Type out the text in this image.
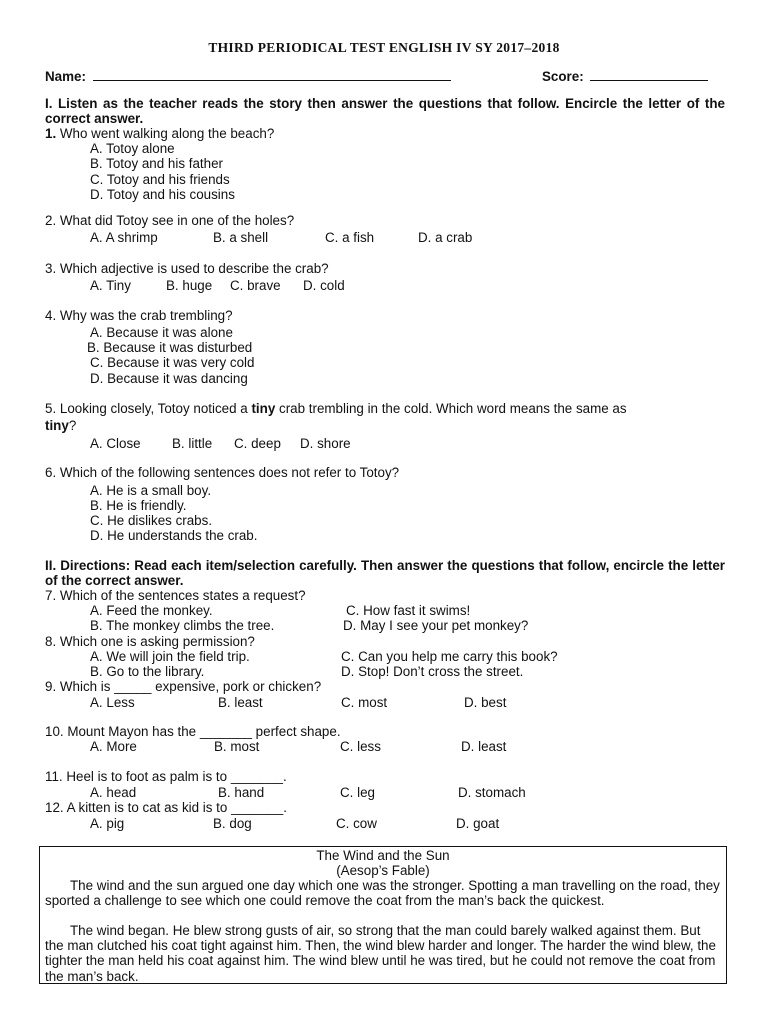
THIRD PERIODICAL TEST ENGLISH IV SY 2017–2018
Name:	Score:
I. Listen as the teacher reads the story then answer the questions that follow. Encircle the letter of the correct answer.
1. Who went walking along the beach?
A. Totoy alone
B. Totoy and his father
C. Totoy and his friends
D. Totoy and his cousins
2. What did Totoy see in one of the holes?
A. A shrimp	B. a shell	C. a fish	D. a crab
3. Which adjective is used to describe the crab?
A. Tiny	B. huge C. brave D. cold
4. Why was the crab trembling?
A. Because it was alone
B. Because it was disturbed
C. Because it was very cold
D. Because it was dancing
5. Looking closely, Totoy noticed a tiny crab trembling in the cold. Which word means the same as
tiny?
A. Close B. little C. deep D. shore
6. Which of the following sentences does not refer to Totoy?
A. He is a small boy.
B. He is friendly.
C. He dislikes crabs.
D. He understands the crab.
II. Directions: Read each item/selection carefully. Then answer the questions that follow, encircle the letter of the correct answer.
7. Which of the sentences states a request?
A. Feed the monkey.	C. How fast it swims!
B. The monkey climbs the tree.	D. May I see your pet monkey?
8. Which one is asking permission?
A. We will join the field trip.	C. Can you help me carry this book?
B. Go to the library.	D. Stop! Don’t cross the street.
9. Which is _____ expensive, pork or chicken?
A. Less	B. least	C. most	D. best
10. Mount Mayon has the _______ perfect shape.
A. More	B. most	C. less	D. least
11. Heel is to foot as palm is to _______.
A. head	B. hand	C. leg	D. stomach
12. A kitten is to cat as kid is to _______.
A. pig	B. dog	C. cow	D. goat
The Wind and the Sun
(Aesop’s Fable)
The wind and the sun argued one day which one was the stronger. Spotting a man travelling on the road, they sported a challenge to see which one could remove the coat from the man’s back the quickest.
The wind began. He blew strong gusts of air, so strong that the man could barely walked against them. But the man clutched his coat tight against him. Then, the wind blew harder and longer. The harder the wind blew, the tighter the man held his coat against him. The wind blew until he was tired, but he could not remove the coat from the man’s back.
